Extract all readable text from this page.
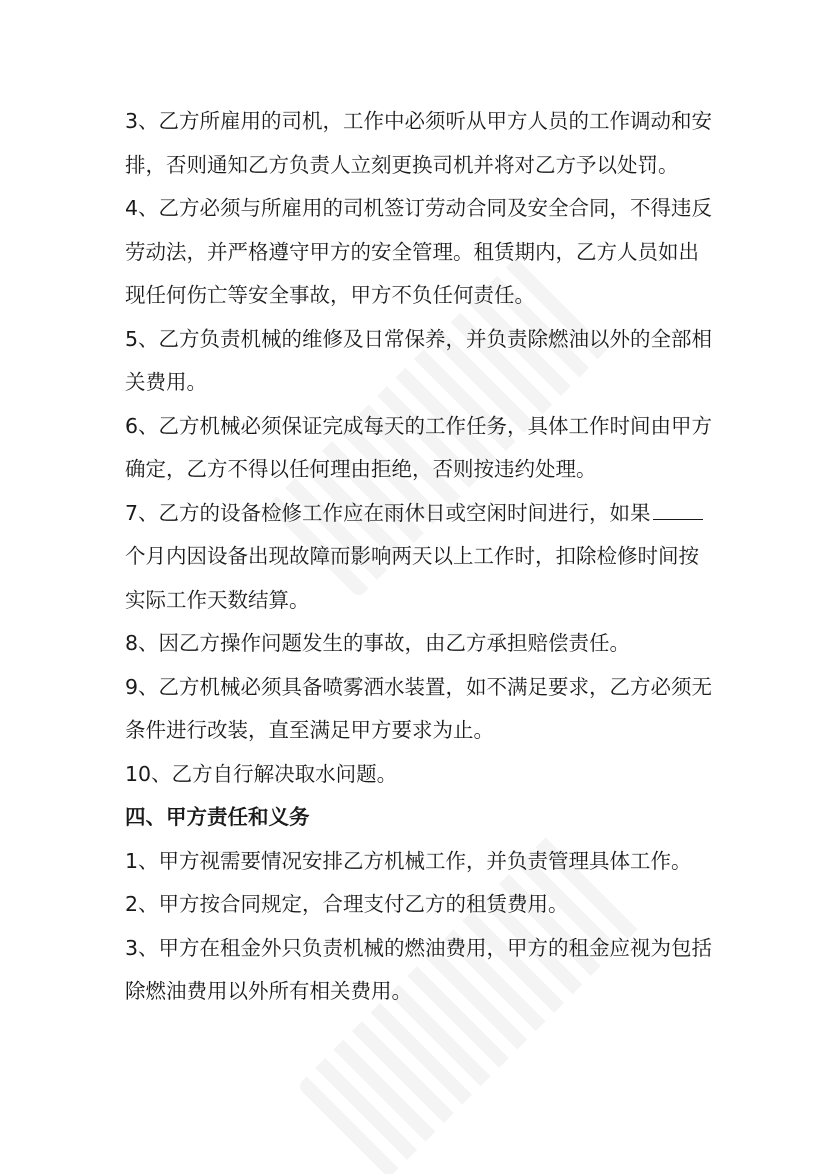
3、乙方所雇用的司机，工作中必须听从甲方人员的工作调动和安排，否则通知乙方负责人立刻更换司机并将对乙方予以处罚。

4、乙方必须与所雇用的司机签订劳动合同及安全合同，不得违反劳动法，并严格遵守甲方的安全管理。租赁期内，乙方人员如出现任何伤亡等安全事故，甲方不负任何责任。

5、乙方负责机械的维修及日常保养，并负责除燃油以外的全部相关费用。

6、乙方机械必须保证完成每天的工作任务，具体工作时间由甲方确定，乙方不得以任何理由拒绝，否则按违约处理。

7、乙方的设备检修工作应在雨休日或空闲时间进行，如果个月内因设备出现故障而影响两天以上工作时，扣除检修时间按实际工作天数结算。

8、因乙方操作问题发生的事故，由乙方承担赔偿责任。

9、乙方机械必须具备喷雾洒水装置，如不满足要求，乙方必须无条件进行改装，直至满足甲方要求为止。

10、乙方自行解决取水问题。

四、甲方责任和义务

1、甲方视需要情况安排乙方机械工作，并负责管理具体工作。

2、甲方按合同规定，合理支付乙方的租赁费用。

3、甲方在租金外只负责机械的燃油费用，甲方的租金应视为包括除燃油费用以外所有相关费用。
